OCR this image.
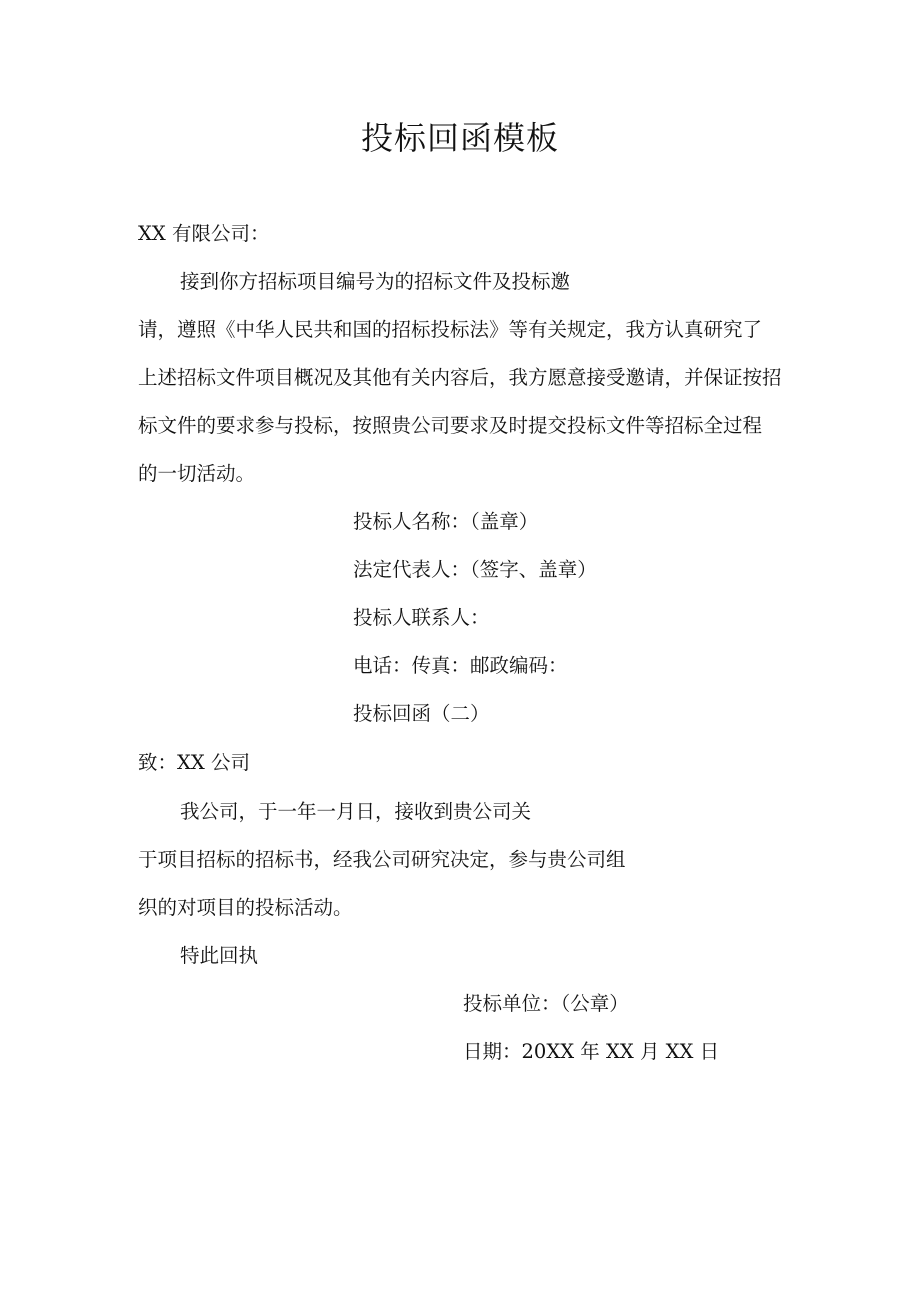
投标回函模板
XX 有限公司：
接到你方招标项目编号为的招标文件及投标邀
请，遵照《中华人民共和国的招标投标法》等有关规定，我方认真研究了
上述招标文件项目概况及其他有关内容后，我方愿意接受邀请，并保证按招
标文件的要求参与投标，按照贵公司要求及时提交投标文件等招标全过程
的一切活动。
投标人名称：（盖章）
法定代表人：（签字、盖章）
投标人联系人：
电话：传真：邮政编码：
投标回函（二）
致：XX 公司
我公司，于一年一月日，接收到贵公司关
于项目招标的招标书，经我公司研究决定，参与贵公司组
织的对项目的投标活动。
特此回执
投标单位：（公章）
日期：20XX 年 XX 月 XX 日
